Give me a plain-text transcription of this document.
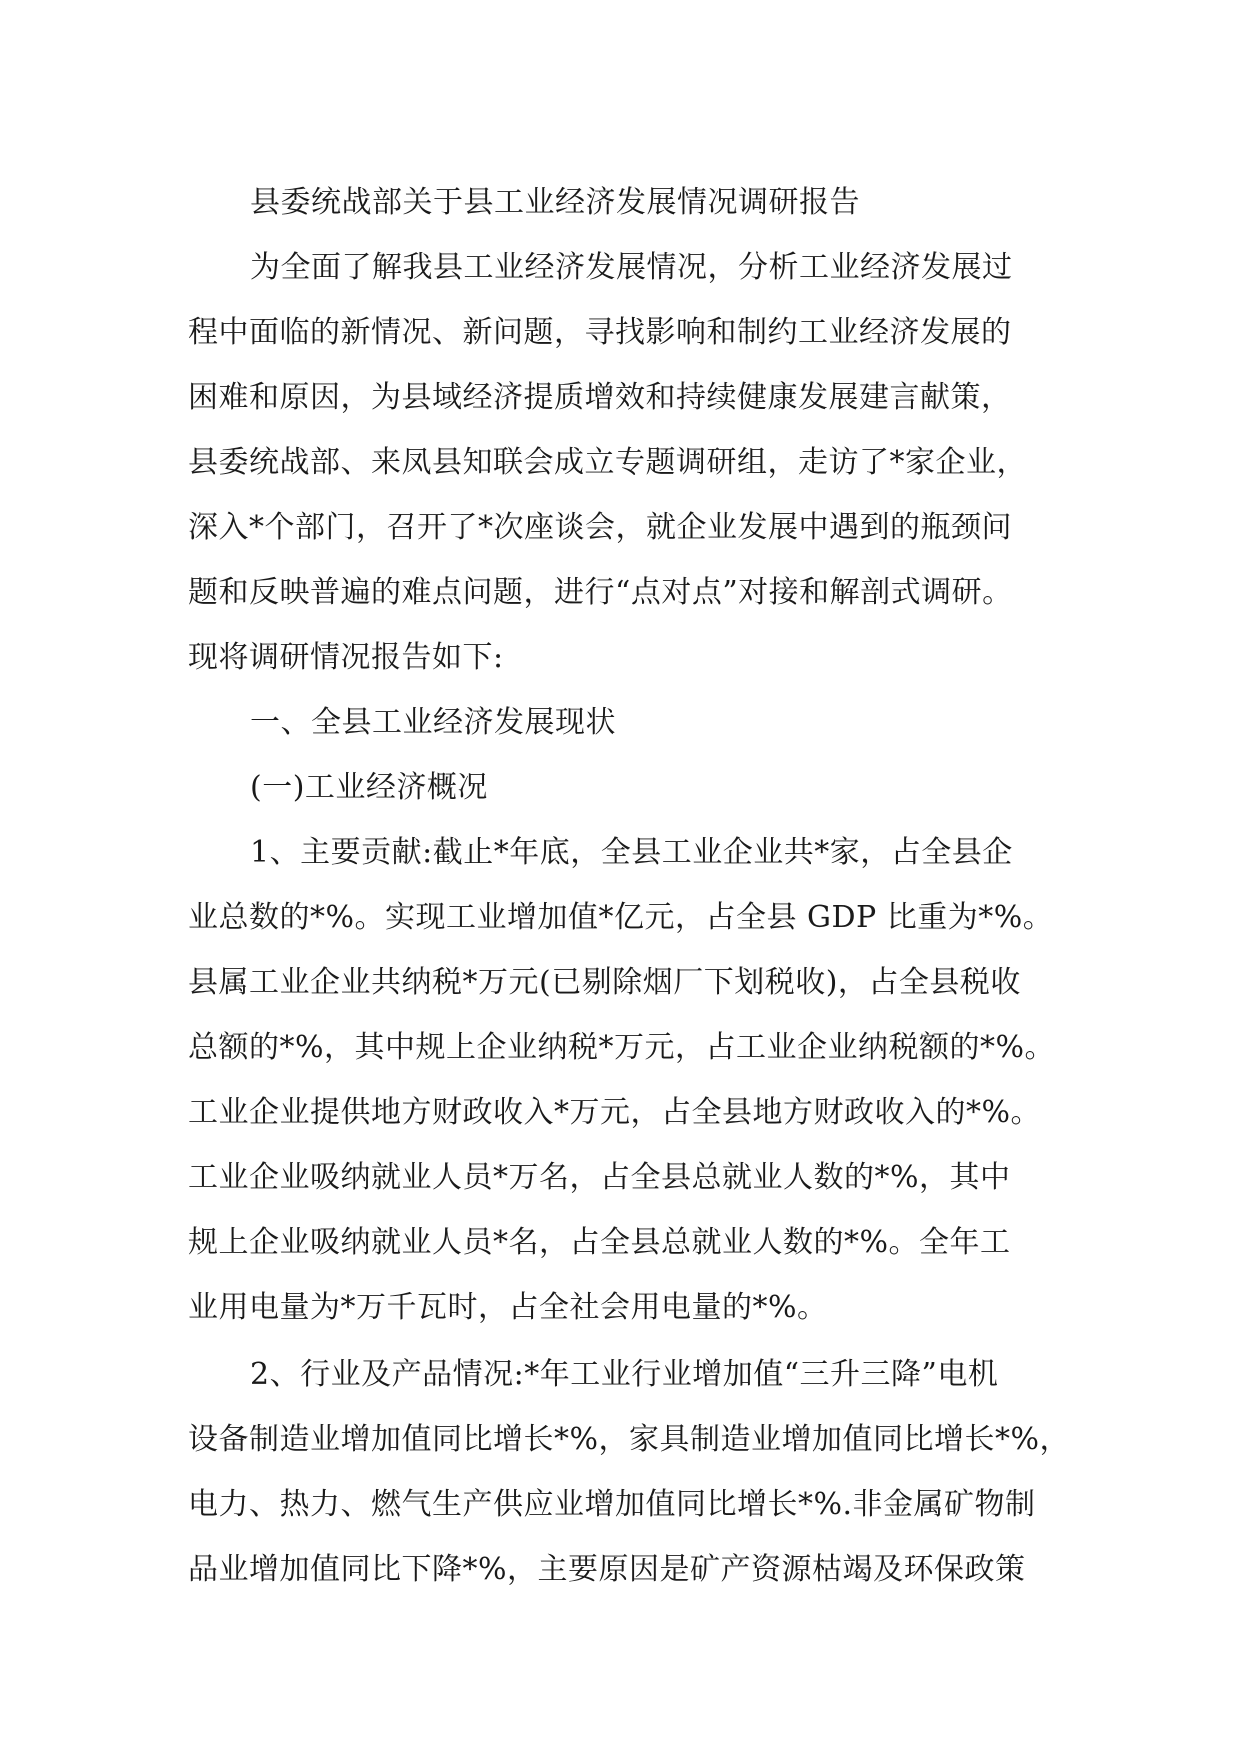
县委统战部关于县工业经济发展情况调研报告
为全面了解我县工业经济发展情况，分析工业经济发展过
程中面临的新情况、新问题，寻找影响和制约工业经济发展的
困难和原因，为县域经济提质增效和持续健康发展建言献策，
县委统战部、来凤县知联会成立专题调研组，走访了*家企业，
深入*个部门，召开了*次座谈会，就企业发展中遇到的瓶颈问
题和反映普遍的难点问题，进行“点对点”对接和解剖式调研。
现将调研情况报告如下:
一、全县工业经济发展现状
(一)工业经济概况
1、主要贡献:截止*年底，全县工业企业共*家，占全县企
业总数的*%。实现工业增加值*亿元，占全县 GDP 比重为*%。
县属工业企业共纳税*万元(已剔除烟厂下划税收)，占全县税收
总额的*%，其中规上企业纳税*万元，占工业企业纳税额的*%。
工业企业提供地方财政收入*万元，占全县地方财政收入的*%。
工业企业吸纳就业人员*万名，占全县总就业人数的*%，其中
规上企业吸纳就业人员*名，占全县总就业人数的*%。全年工
业用电量为*万千瓦时，占全社会用电量的*%。
2、行业及产品情况:*年工业行业增加值“三升三降”电机
设备制造业增加值同比增长*%，家具制造业增加值同比增长*%，
电力、热力、燃气生产供应业增加值同比增长*%.非金属矿物制
品业增加值同比下降*%，主要原因是矿产资源枯竭及环保政策
